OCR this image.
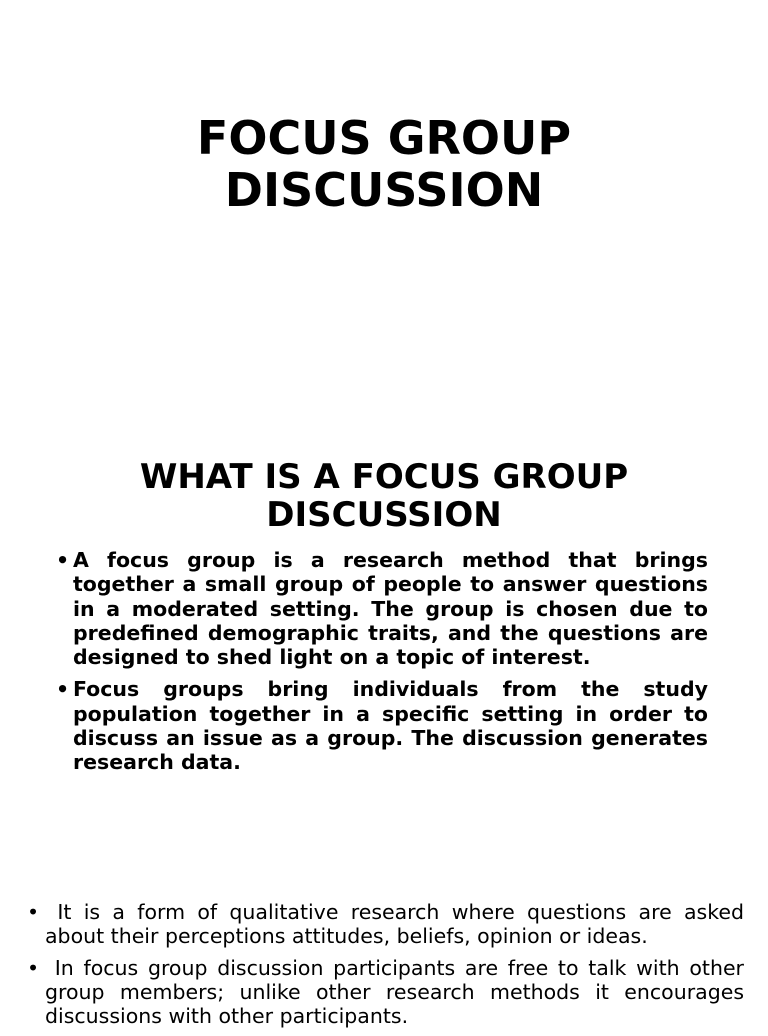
FOCUS GROUP
DISCUSSION
WHAT IS A FOCUS GROUP
DISCUSSION
• A focus group is a research method that brings together a small group of people to answer questions in a moderated setting. The group is chosen due to predefined demographic traits, and the questions are designed to shed light on a topic of interest.
• Focus groups bring individuals from the study population together in a specific setting in order to discuss an issue as a group. The discussion generates research data.
• It is a form of qualitative research where questions are asked about their perceptions attitudes, beliefs, opinion or ideas.
• In focus group discussion participants are free to talk with other group members; unlike other research methods it encourages discussions with other participants.
